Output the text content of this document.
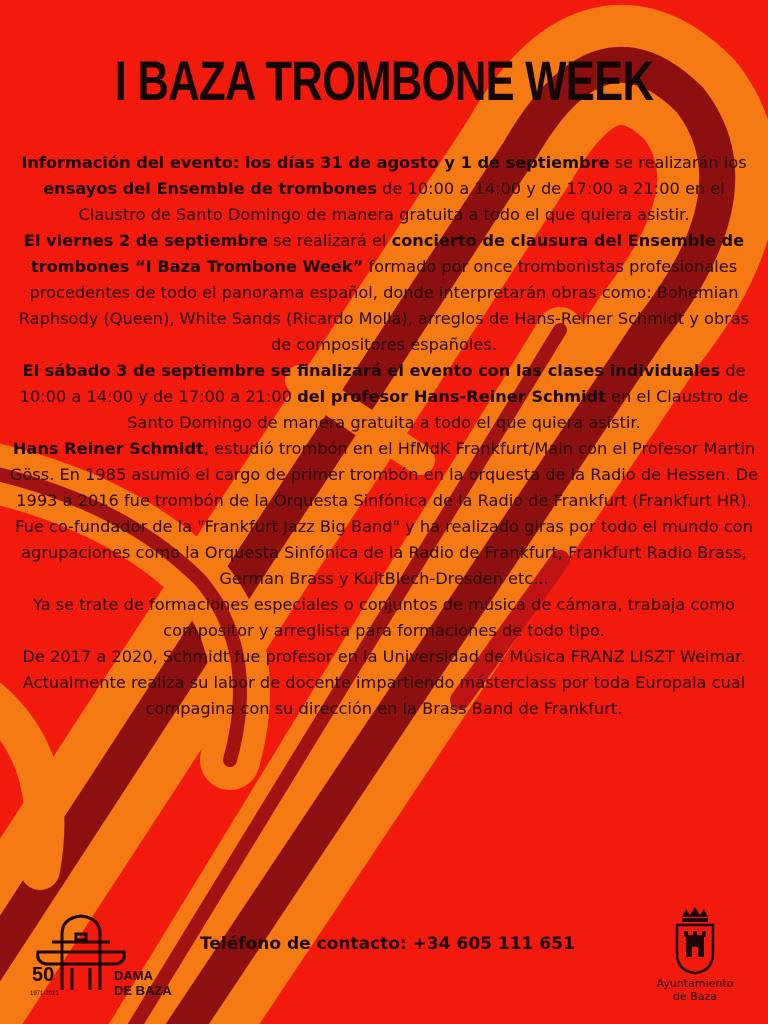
I BAZA TROMBONE WEEK

Información del evento: los días 31 de agosto y 1 de septiembre se realizarán los ensayos del Ensemble de trombones de 10:00 a 14:00 y de 17:00 a 21:00 en el Claustro de Santo Domingo de manera gratuita a todo el que quiera asistir.

El viernes 2 de septiembre se realizará el concierto de clausura del Ensemble de trombones “I Baza Trombone Week” formado por once trombonistas profesionales procedentes de todo el panorama español, donde interpretarán obras como: Bohemian Raphsody (Queen), White Sands (Ricardo Mollá), arreglos de Hans-Reiner Schmidt y obras de compositores españoles.

El sábado 3 de septiembre se finalizará el evento con las clases individuales de 10:00 a 14:00 y de 17:00 a 21:00 del profesor Hans-Reiner Schmidt en el Claustro de Santo Domingo de manera gratuita a todo el que quiera asistir.

Hans Reiner Schmidt, estudió trombón en el HfMdK Frankfurt/Main con el Profesor Martin Göss. En 1985 asumió el cargo de primer trombón en la orquesta de la Radio de Hessen. De 1993 a 2016 fue trombón de la Orquesta Sinfónica de la Radio de Frankfurt (Frankfurt HR). Fue co-fundador de la "Frankfurt Jazz Big Band" y ha realizado giras por todo el mundo con agrupaciones como la Orquesta Sinfónica de la Radio de Frankfurt, Frankfurt Radio Brass, German Brass y KultBlech-Dresden etc...

Ya se trate de formaciones especiales o conjuntos de música de cámara, trabaja como compositor y arreglista para formaciones de todo tipo.

De 2017 a 2020, Schmidt fue profesor en la Universidad de Música FRANZ LISZT Weimar.

Actualmente realiza su labor de docente impartiendo másterclass por toda Europala cual compagina con su dirección en la Brass Band de Frankfurt.

Teléfono de contacto: +34 605 111 651
50
1971-2021
DAMA
DE BAZA	Ayuntamiento
de Baza
